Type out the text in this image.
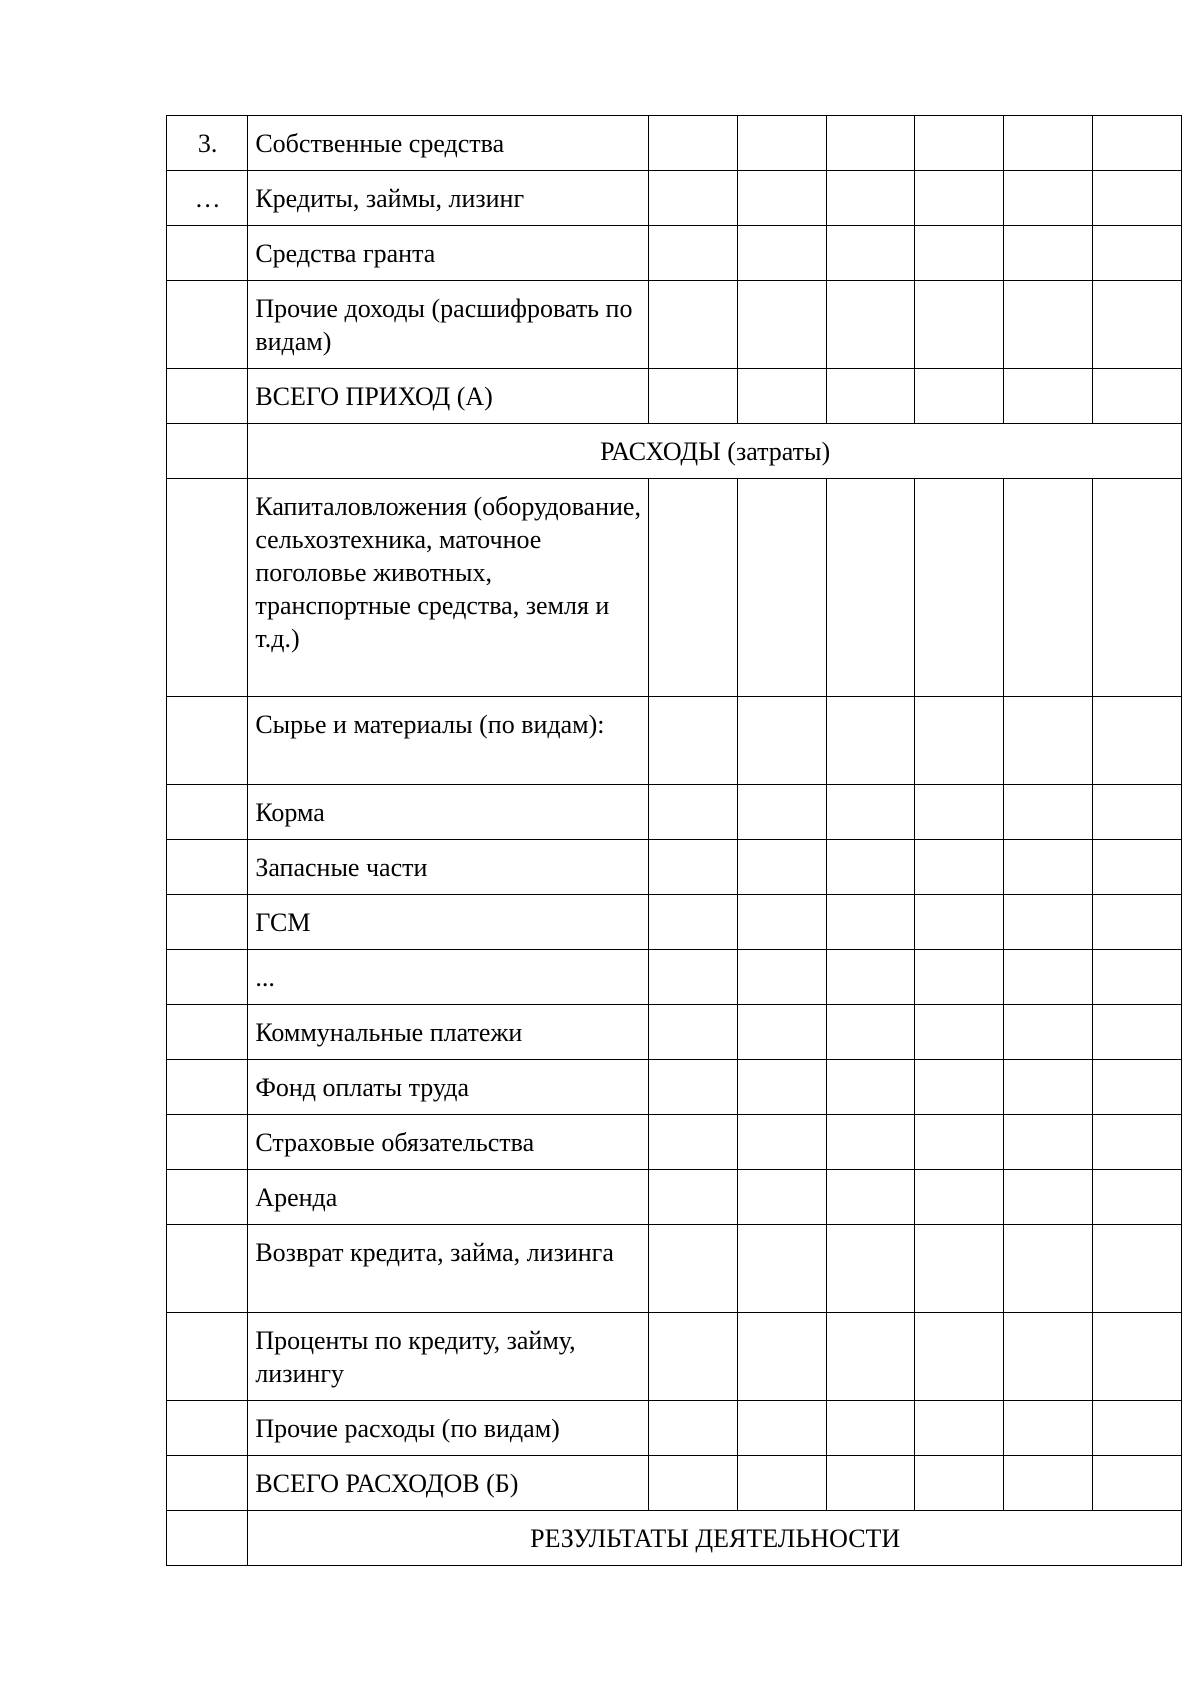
3.	Собственные средства						
…	Кредиты, займы, лизинг						
	Средства гранта						
	Прочие доходы (расшифровать по видам)						
	ВСЕГО ПРИХОД (А)						
	РАСХОДЫ (затраты)						
	Капиталовложения (оборудование, сельхозтехника, маточное поголовье животных, транспортные средства, земля и т.д.)						
	Сырье и материалы (по видам):						
	Корма						
	Запасные части						
	ГСМ						
	...						
	Коммунальные платежи						
	Фонд оплаты труда						
	Страховые обязательства						
	Аренда						
	Возврат кредита, займа, лизинга						
	Проценты по кредиту, займу, лизингу						
	Прочие расходы (по видам)						
	ВСЕГО РАСХОДОВ (Б)						
	РЕЗУЛЬТАТЫ ДЕЯТЕЛЬНОСТИ						
